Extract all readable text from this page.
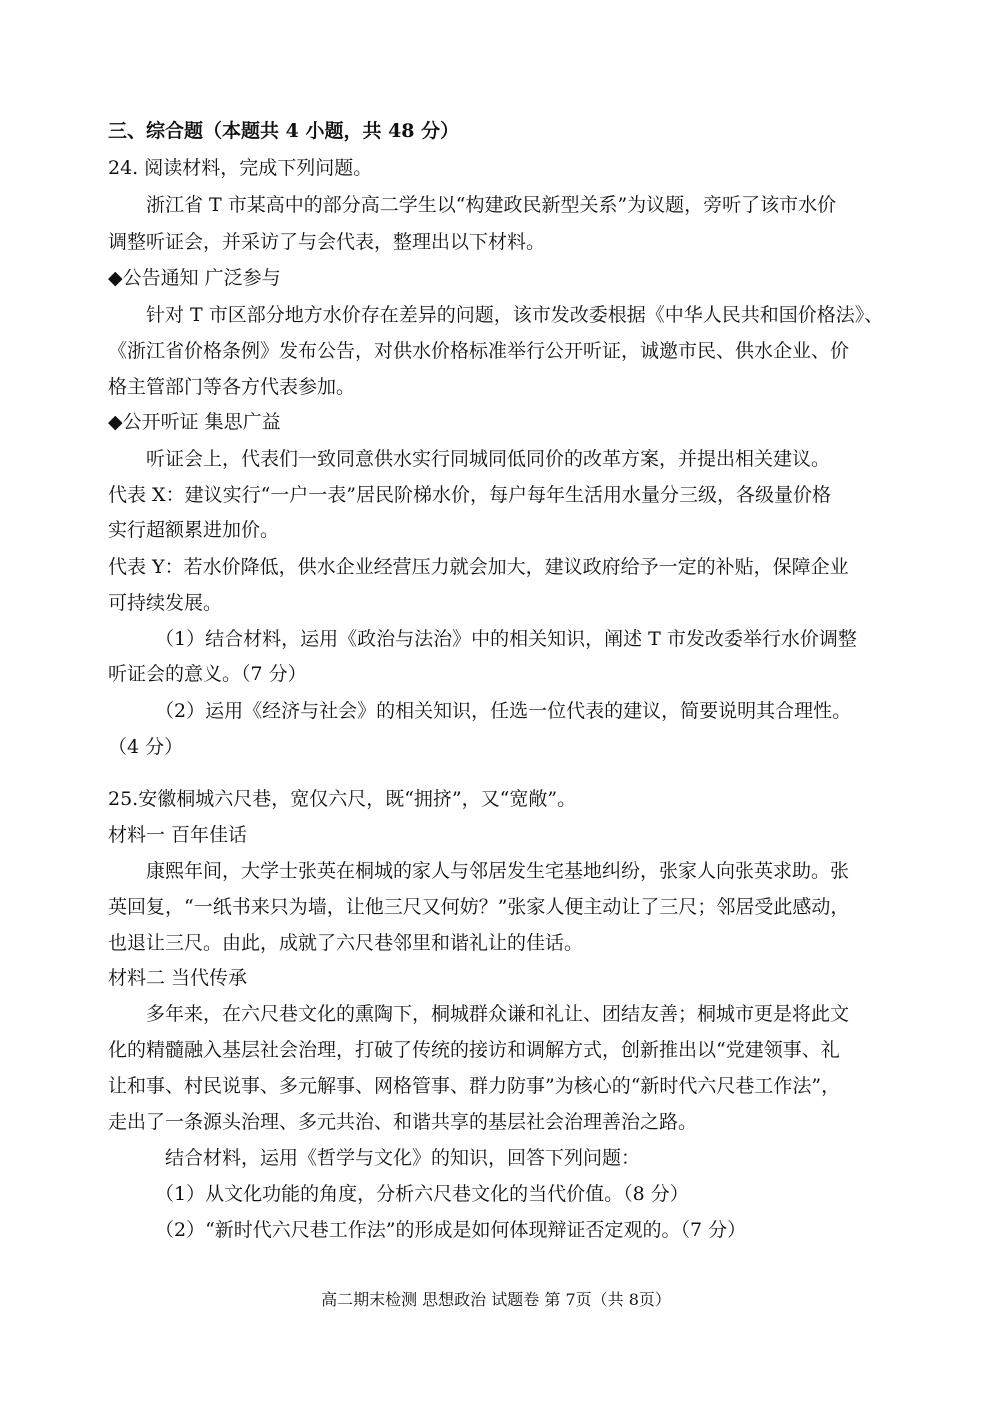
三、综合题（本题共 4 小题，共 48 分）
24. 阅读材料，完成下列问题。
浙江省 T 市某高中的部分高二学生以“构建政民新型关系”为议题，旁听了该市水价
调整听证会，并采访了与会代表，整理出以下材料。
◆公告通知 广泛参与
针对 T 市区部分地方水价存在差异的问题，该市发改委根据《中华人民共和国价格法》、
《浙江省价格条例》发布公告，对供水价格标准举行公开听证，诚邀市民、供水企业、价
格主管部门等各方代表参加。
◆公开听证 集思广益
听证会上，代表们一致同意供水实行同城同低同价的改革方案，并提出相关建议。
代表 X：建议实行“一户一表”居民阶梯水价，每户每年生活用水量分三级，各级量价格
实行超额累进加价。
代表 Y：若水价降低，供水企业经营压力就会加大，建议政府给予一定的补贴，保障企业
可持续发展。
（1）结合材料，运用《政治与法治》中的相关知识，阐述 T 市发改委举行水价调整
听证会的意义。（7 分）
（2）运用《经济与社会》的相关知识，任选一位代表的建议，简要说明其合理性。
（4 分）
25.安徽桐城六尺巷，宽仅六尺，既“拥挤”，又“宽敞”。
材料一 百年佳话
康熙年间，大学士张英在桐城的家人与邻居发生宅基地纠纷，张家人向张英求助。张
英回复，“一纸书来只为墙，让他三尺又何妨？”张家人便主动让了三尺；邻居受此感动，
也退让三尺。由此，成就了六尺巷邻里和谐礼让的佳话。
材料二 当代传承
多年来，在六尺巷文化的熏陶下，桐城群众谦和礼让、团结友善；桐城市更是将此文
化的精髓融入基层社会治理，打破了传统的接访和调解方式，创新推出以“党建领事、礼
让和事、村民说事、多元解事、网格管事、群力防事”为核心的“新时代六尺巷工作法”，
走出了一条源头治理、多元共治、和谐共享的基层社会治理善治之路。
结合材料，运用《哲学与文化》的知识，回答下列问题：
（1）从文化功能的角度，分析六尺巷文化的当代价值。（8 分）
（2）“新时代六尺巷工作法”的形成是如何体现辩证否定观的。（7 分）
高二期末检测 思想政治 试题卷 第 7页（共 8页）
